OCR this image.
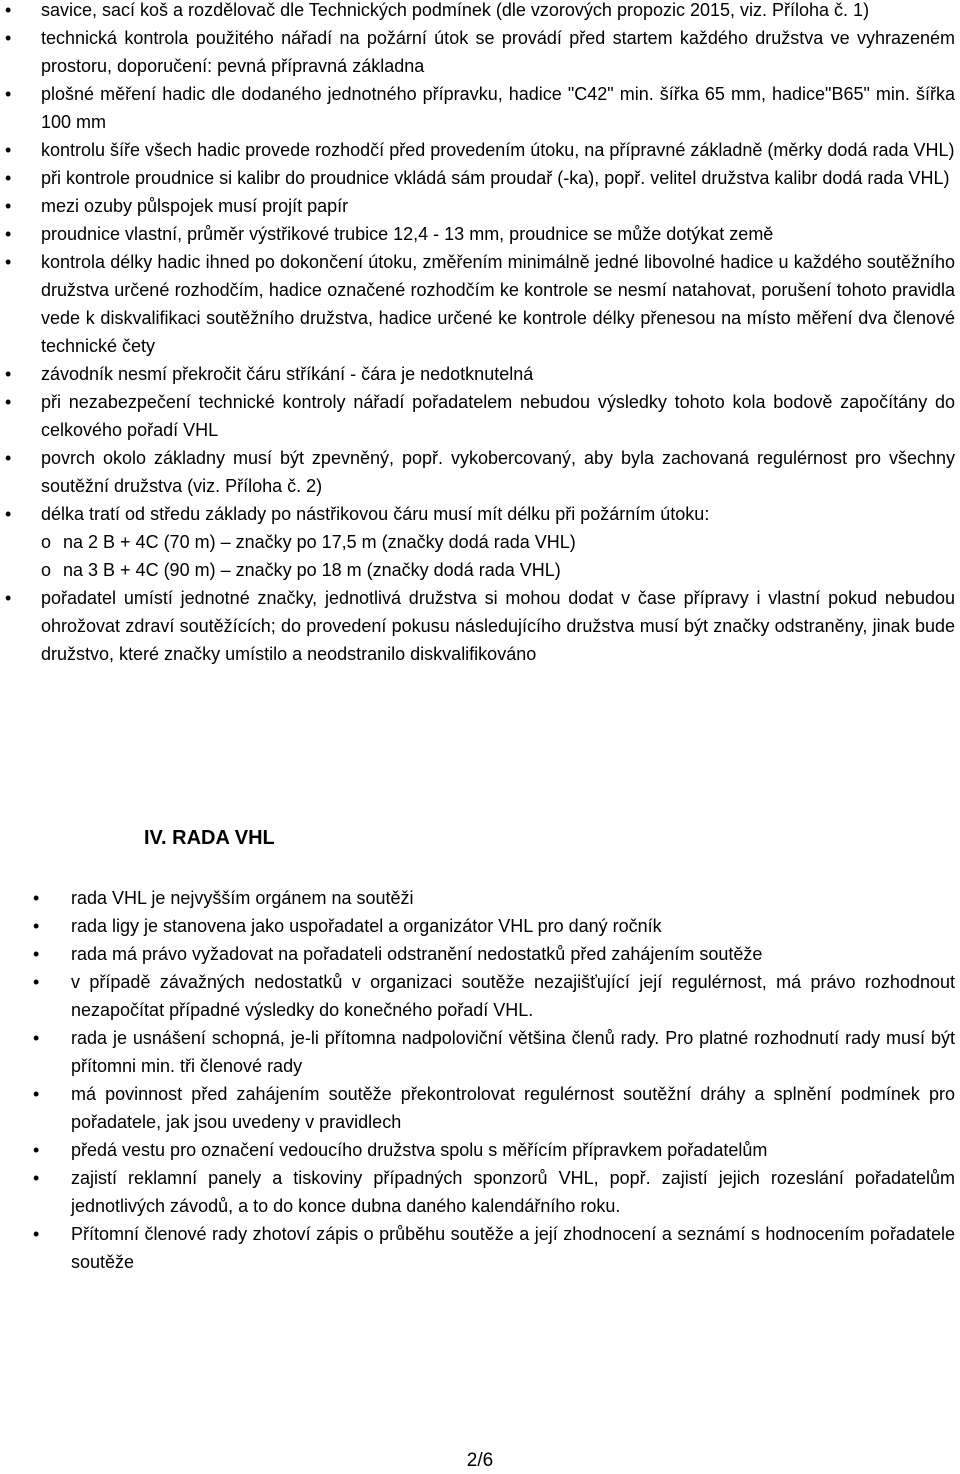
• savice, sací koš a rozdělovač dle Technických podmínek (dle vzorových propozic 2015, viz. Příloha č. 1)
• technická kontrola použitého nářadí na požární útok se provádí před startem každého družstva ve vyhrazeném prostoru, doporučení: pevná přípravná základna
• plošné měření hadic dle dodaného jednotného přípravku, hadice "C42" min. šířka 65 mm, hadice"B65" min. šířka 100 mm
• kontrolu šíře všech hadic provede rozhodčí před provedením útoku, na přípravné základně (měrky dodá rada VHL)
• při kontrole proudnice si kalibr do proudnice vkládá sám proudař (-ka), popř. velitel družstva kalibr dodá rada VHL)
• mezi ozuby půlspojek musí projít papír
• proudnice vlastní, průměr výstřikové trubice 12,4 - 13 mm, proudnice se může dotýkat země
• kontrola délky hadic ihned po dokončení útoku, změřením minimálně jedné libovolné hadice u každého soutěžního družstva určené rozhodčím, hadice označené rozhodčím ke kontrole se nesmí natahovat, porušení tohoto pravidla vede k diskvalifikaci soutěžního družstva, hadice určené ke kontrole délky přenesou na místo měření dva členové technické čety
• závodník nesmí překročit čáru stříkání - čára je nedotknutelná
• při nezabezpečení technické kontroly nářadí pořadatelem nebudou výsledky tohoto kola bodově započítány do celkového pořadí VHL
• povrch okolo základny musí být zpevněný, popř. vykobercovaný, aby byla zachovaná regulérnost pro všechny soutěžní družstva (viz. Příloha č. 2)
• délka tratí od středu základy po nástřikovou čáru musí mít délku při požárním útoku:
o na 2 B + 4C (70 m) – značky po 17,5 m (značky dodá rada VHL)
o na 3 B + 4C (90 m) – značky po 18 m (značky dodá rada VHL)
• pořadatel umístí jednotné značky, jednotlivá družstva si mohou dodat v čase přípravy i vlastní pokud nebudou ohrožovat zdraví soutěžících; do provedení pokusu následujícího družstva musí být značky odstraněny, jinak bude družstvo, které značky umístilo a neodstranilo diskvalifikováno
IV. RADA VHL
• rada VHL je nejvyšším orgánem na soutěži
• rada ligy je stanovena jako uspořadatel a organizátor VHL pro daný ročník
• rada má právo vyžadovat na pořadateli odstranění nedostatků před zahájením soutěže
• v případě závažných nedostatků v organizaci soutěže nezajišťující její regulérnost, má právo rozhodnout nezapočítat případné výsledky do konečného pořadí VHL.
• rada je usnášení schopná, je-li přítomna nadpoloviční většina členů rady. Pro platné rozhodnutí rady musí být přítomni min. tři členové rady
• má povinnost před zahájením soutěže překontrolovat regulérnost soutěžní dráhy a splnění podmínek pro pořadatele, jak jsou uvedeny v pravidlech
• předá vestu pro označení vedoucího družstva spolu s měřícím přípravkem pořadatelům
• zajistí reklamní panely a tiskoviny případných sponzorů VHL, popř. zajistí jejich rozeslání pořadatelům jednotlivých závodů, a to do konce dubna daného kalendářního roku.
• Přítomní členové rady zhotoví zápis o průběhu soutěže a její zhodnocení a seznámí s hodnocením pořadatele soutěže
2/6
